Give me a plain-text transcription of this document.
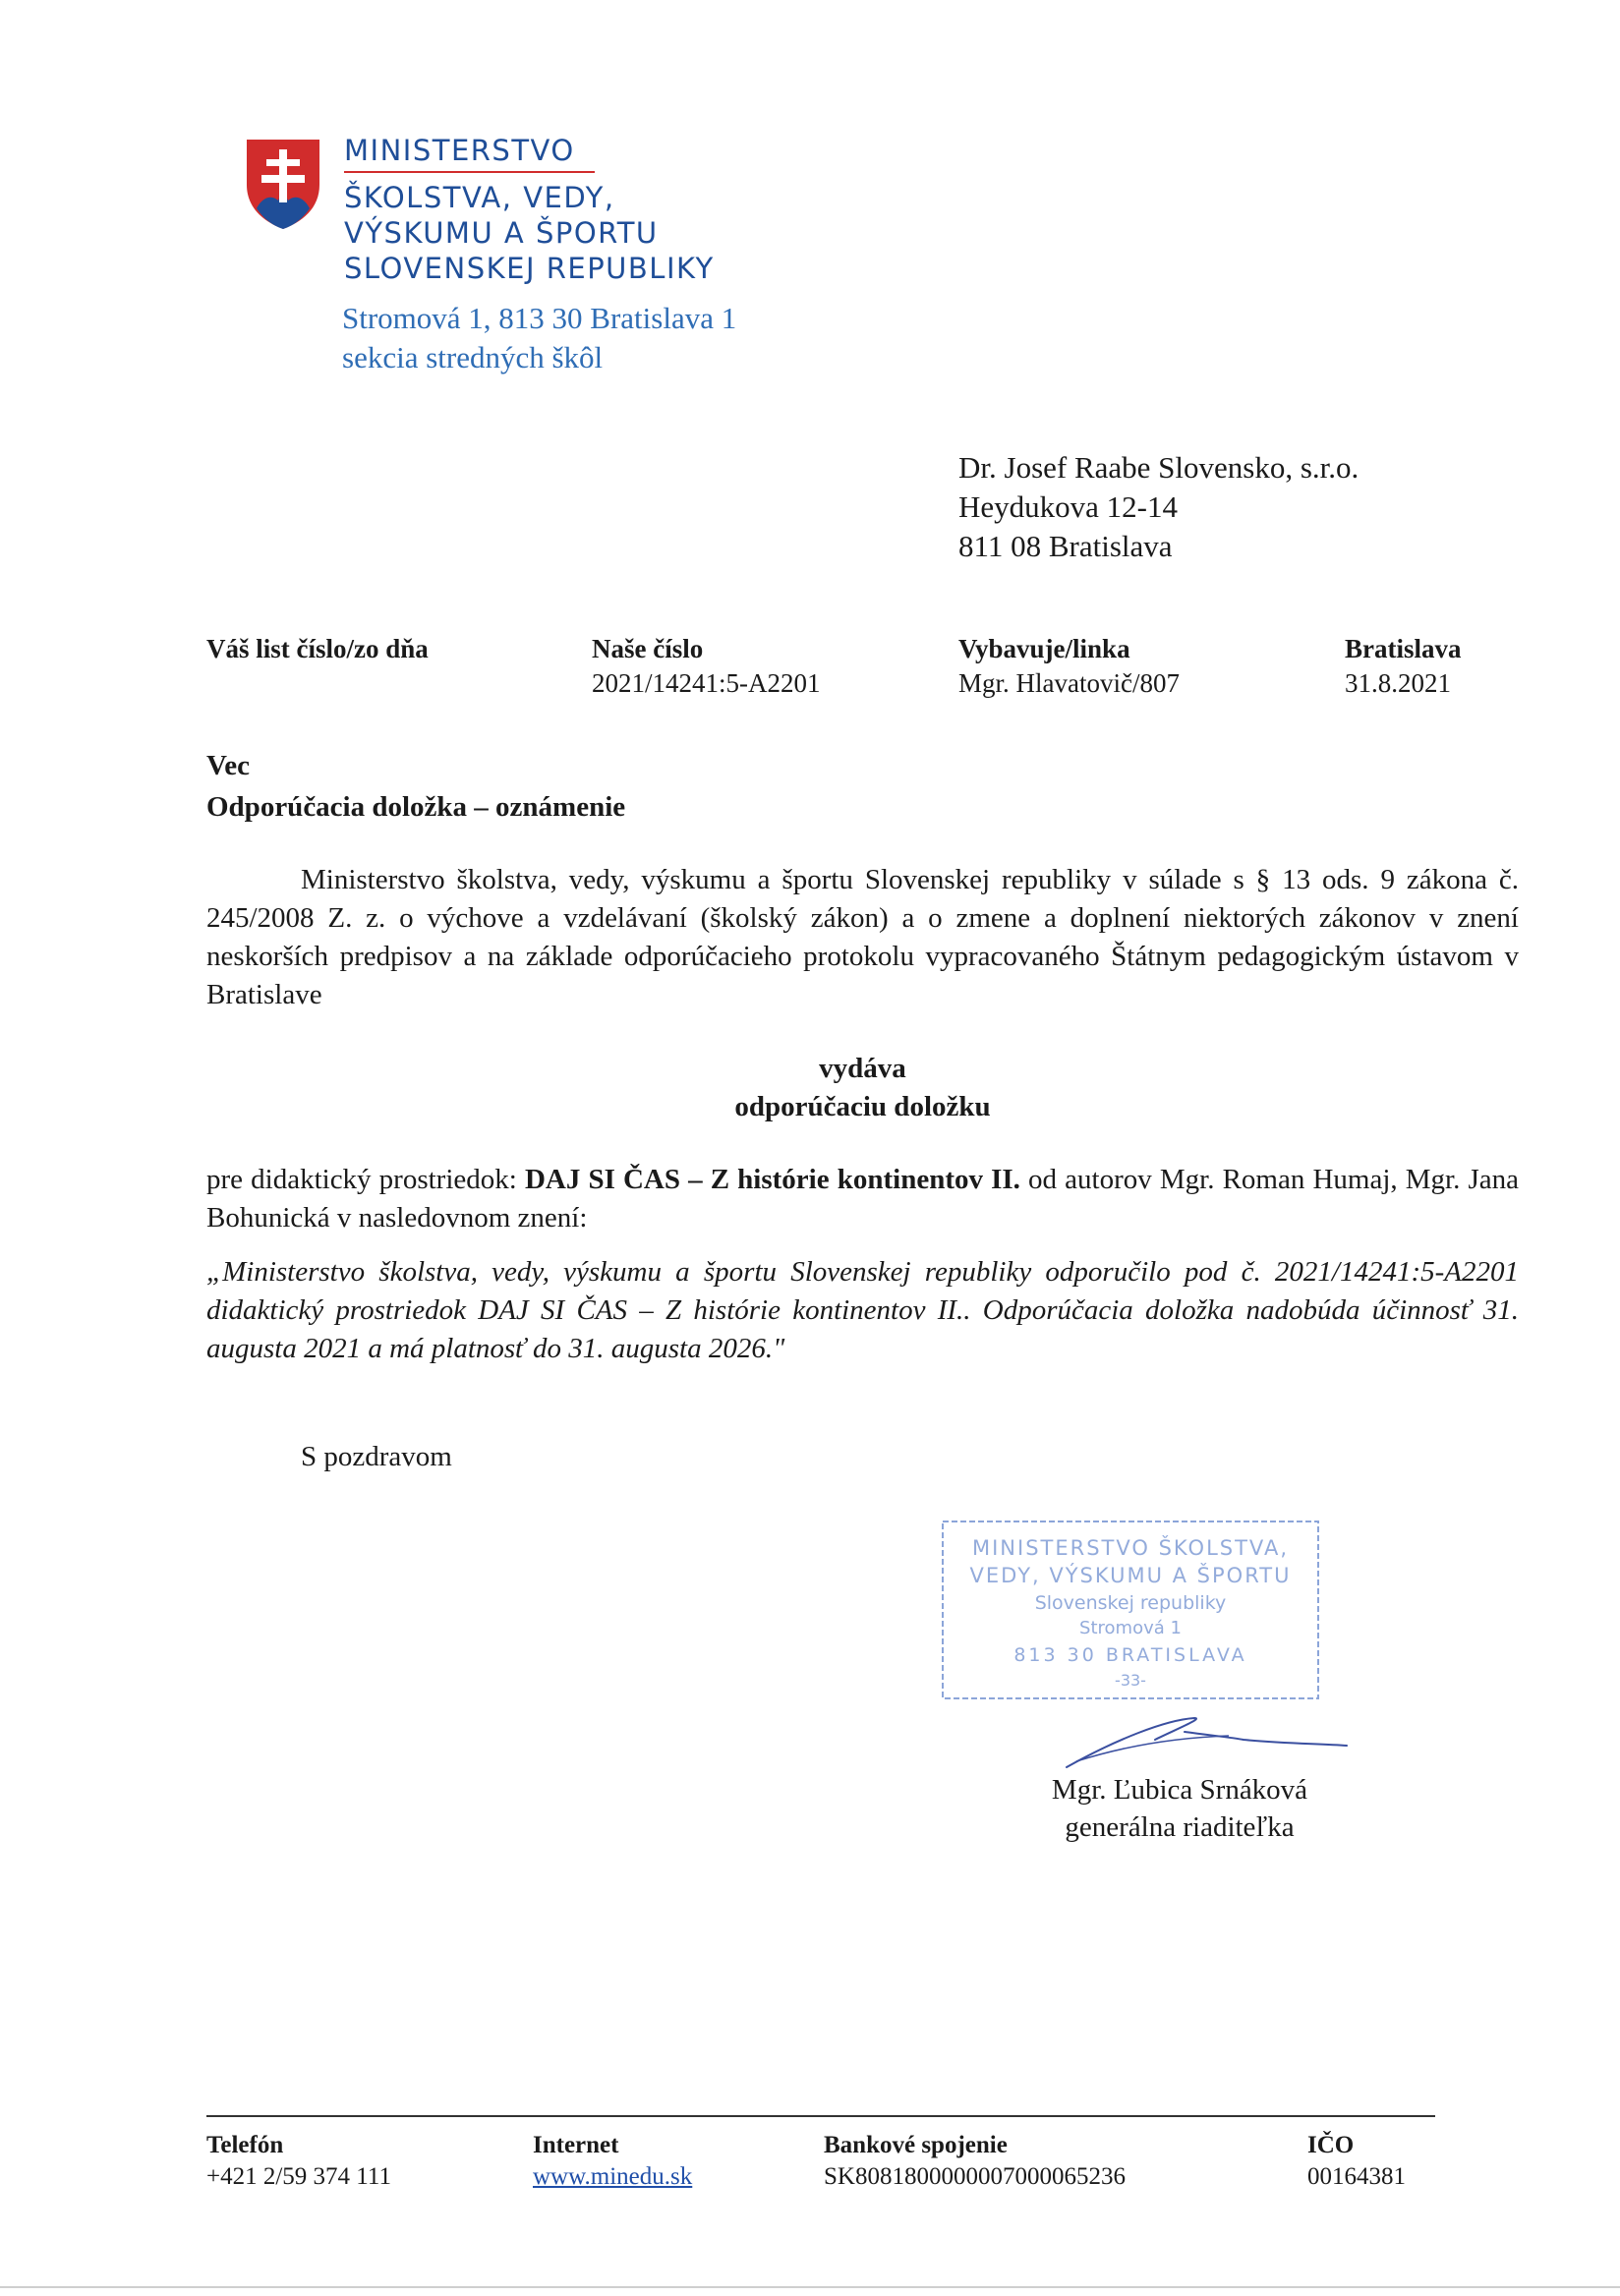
MINISTERSTVO
ŠKOLSTVA, VEDY,
VÝSKUMU A ŠPORTU
SLOVENSKEJ REPUBLIKY
Stromová 1, 813 30 Bratislava 1
sekcia stredných škôl
Dr. Josef Raabe Slovensko, s.r.o.
Heydukova 12-14
811 08 Bratislava
Váš list číslo/zo dňa	Naše číslo
2021/14241:5-A2201
Vybavuje/linka
Mgr. Hlavatovič/807
Bratislava
31.8.2021
Vec
Odporúčacia doložka – oznámenie
Ministerstvo školstva, vedy, výskumu a športu Slovenskej republiky v súlade s § 13 ods. 9 zákona č. 245/2008 Z. z. o výchove a vzdelávaní (školský zákon) a o zmene a doplnení niektorých zákonov v znení neskorších predpisov a na základe odporúčacieho protokolu vypracovaného Štátnym pedagogickým ústavom v Bratislave
vydáva
odporúčaciu doložku
pre didaktický prostriedok: DAJ SI ČAS – Z histórie kontinentov II. od autorov Mgr. Roman Humaj, Mgr. Jana Bohunická v nasledovnom znení:
„Ministerstvo školstva, vedy, výskumu a športu Slovenskej republiky odporučilo pod č. 2021/14241:5-A2201 didaktický prostriedok DAJ SI ČAS – Z histórie kontinentov II.. Odporúčacia doložka nadobúda účinnosť 31. augusta 2021 a má platnosť do 31. augusta 2026."
S pozdravom
MINISTERSTVO ŠKOLSTVA,
VEDY, VÝSKUMU A ŠPORTU
Slovenskej republiky
Stromová 1
813 30 BRATISLAVA
-33-
Mgr. Ľubica Srnáková
generálna riaditeľka
Telefón
+421 2/59 374 111
Internet
www.minedu.sk
Bankové spojenie
SK8081800000007000065236
IČO
00164381
